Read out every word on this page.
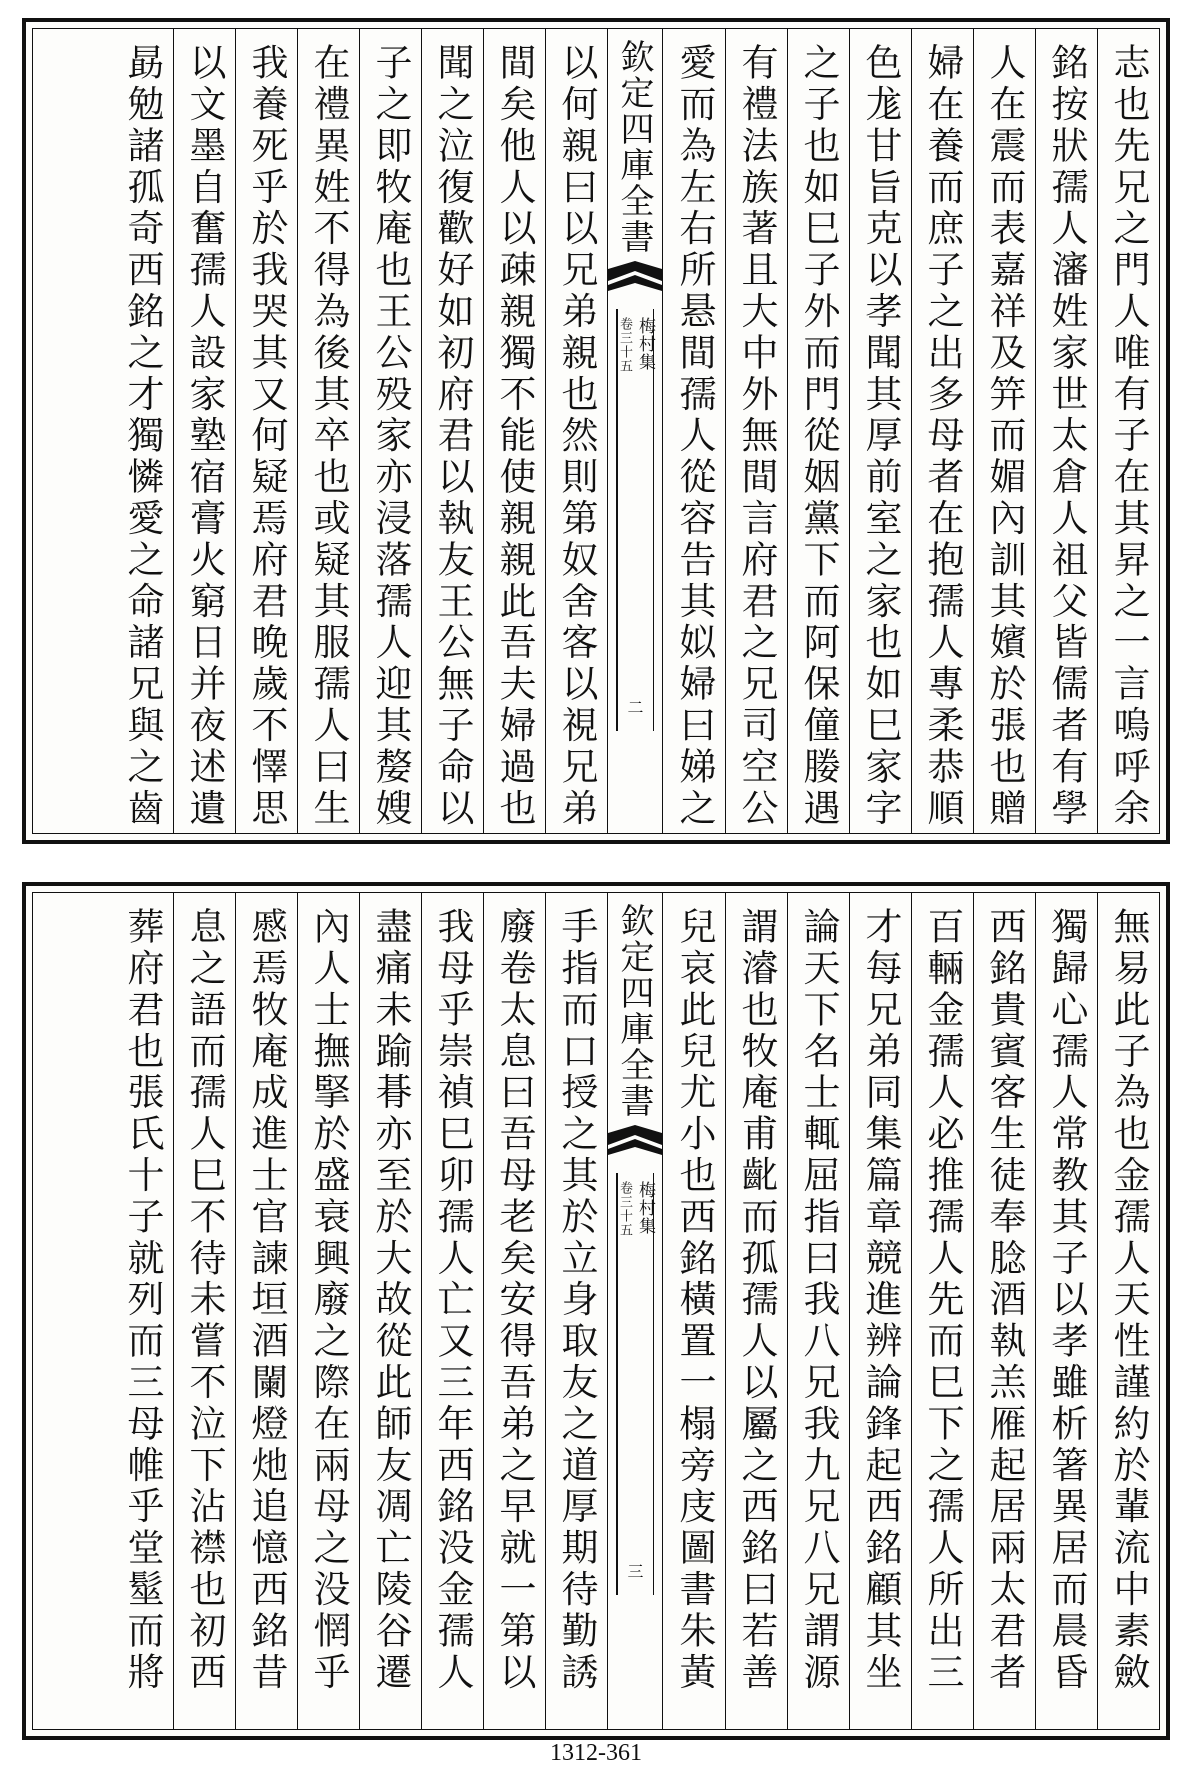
志也先兄之門人唯有子在其昇之一言嗚呼余
銘按狀孺人瀋姓家世太倉人祖父皆儒者有學
人在震而表嘉祥及笄而媚內訓其嬪於張也贈
婦在養而庶子之出多母者在抱孺人專柔恭順
色尨甘旨克以孝聞其厚前室之家也如巳家字
之子也如巳子外而門從姻黨下而阿保僮媵遇
有禮法族著且大中外無間言府君之兄司空公
愛而為左右所悬間孺人從容告其姒婦曰娣之
欽定四庫全書
梅村集
卷三十五
二
以何親曰以兄弟親也然則第奴舍客以視兄弟
間矣他人以疎親獨不能使親親此吾夫婦過也
聞之泣復歡好如初府君以執友王公無子命以
子之即牧庵也王公殁家亦浸落孺人迎其嫠嫂
在禮異姓不得為後其卒也或疑其服孺人曰生
我養死乎於我哭其又何疑焉府君晚歲不懌思
以文墨自奮孺人設家塾宿膏火窮日并夜述遺
勗勉諸孤奇西銘之才獨憐愛之命諸兄與之齒
無易此子為也金孺人天性謹約於輩流中素斂
獨歸心孺人常教其子以孝雖析箸異居而晨昏
西銘貴賓客生徒奉腍酒執羔雁起居兩太君者
百輛金孺人必推孺人先而巳下之孺人所出三
才每兄弟同集篇章競進辨論鋒起西銘顧其坐
論天下名士輒屈指曰我八兄我九兄八兄謂源
謂濬也牧庵甫齔而孤孺人以屬之西銘曰若善
兒哀此兒尤小也西銘橫置一榻旁庋圖書朱黃
欽定四庫全書
梅村集
卷三十五
三
手指而口授之其於立身取友之道厚期待勤誘
廢卷太息曰吾母老矣安得吾弟之早就一第以
我母乎崇禎巳卯孺人亡又三年西銘没金孺人
盡痛未踰朞亦至於大故從此師友凋亡陵谷遷
內人士撫掔於盛衰興廢之際在兩母之没惘乎
慼焉牧庵成進士官諫垣酒闌燈灺追憶西銘昔
息之語而孺人巳不待未嘗不泣下沾襟也初西
葬府君也張氏十子就列而三母帷乎堂髽而將
1312-361
